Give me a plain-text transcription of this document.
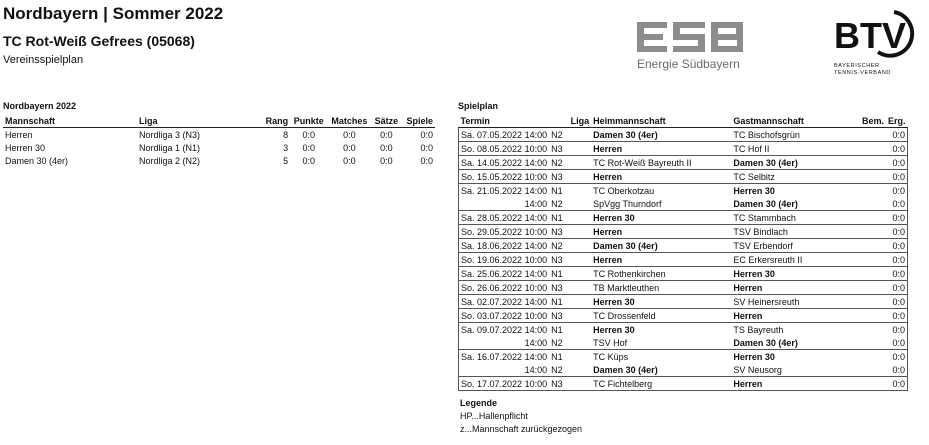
Nordbayern | Sommer 2022
TC Rot-Weiß Gefrees (05068)
Vereinsspielplan	Energie Südbayern
BTV
BAYERISCHER
TENNIS-VERBAND
Nordbayern 2022
Mannschaft	Liga	Rang	Punkte	Matches	Sätze	Spiele
Herren	Nordliga 3 (N3)	8	0:0	0:0	0:0	0:0
Herren 30	Nordliga 1 (N1)	3	0:0	0:0	0:0	0:0
Damen 30 (4er)	Nordliga 2 (N2)	5	0:0	0:0	0:0	0:0
Spielplan
Termin	Liga	Heimmannschaft	Gastmannschaft	Bem.	Erg.
Sa. 07.05.2022 14:00	N2	Damen 30 (4er)	TC Bischofsgrün		0:0
So. 08.05.2022 10:00	N3	Herren	TC Hof II		0:0
Sa. 14.05.2022 14:00	N2	TC Rot-Weiß Bayreuth II	Damen 30 (4er)		0:0
So. 15.05.2022 10:00	N3	Herren	TC Selbitz		0:0
Sa. 21.05.2022 14:00	N1	TC Oberkotzau	Herren 30		0:0
14:00	N2	SpVgg Thurndorf	Damen 30 (4er)		0:0
Sa. 28.05.2022 14:00	N1	Herren 30	TC Stammbach		0:0
So. 29.05.2022 10:00	N3	Herren	TSV Bindlach		0:0
Sa. 18.06.2022 14:00	N2	Damen 30 (4er)	TSV Erbendorf		0:0
So. 19.06.2022 10:00	N3	Herren	EC Erkersreuth II		0:0
Sa. 25.06.2022 14:00	N1	TC Rothenkirchen	Herren 30		0:0
So. 26.06.2022 10:00	N3	TB Marktleuthen	Herren		0:0
Sa. 02.07.2022 14:00	N1	Herren 30	SV Heinersreuth		0:0
So. 03.07.2022 10:00	N3	TC Drossenfeld	Herren		0:0
Sa. 09.07.2022 14:00	N1	Herren 30	TS Bayreuth		0:0
14:00	N2	TSV Hof	Damen 30 (4er)		0:0
Sa. 16.07.2022 14:00	N1	TC Küps	Herren 30		0:0
14:00	N2	Damen 30 (4er)	SV Neusorg		0:0
So. 17.07.2022 10:00	N3	TC Fichtelberg	Herren		0:0
Legende
HP...Hallenpflicht
z...Mannschaft zurückgezogen
